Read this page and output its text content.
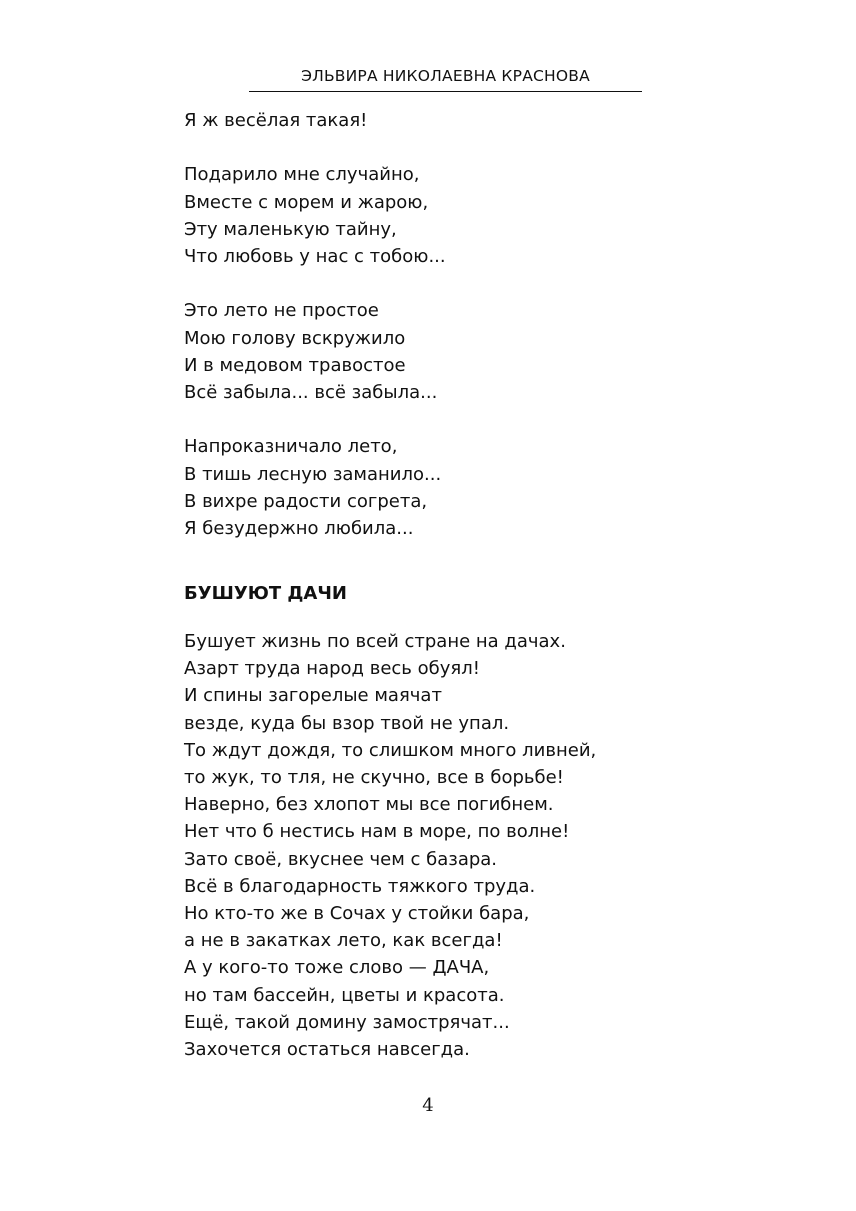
ЭЛЬВИРА НИКОЛАЕВНА КРАСНОВА
Я ж весёлая такая!
Подарило мне случайно,
Вместе с морем и жарою,
Эту маленькую тайну,
Что любовь у нас с тобою...
Это лето не простое
Мою голову вскружило
И в медовом травостое
Всё забыла... всё забыла...
Напроказничало лето,
В тишь лесную заманило...
В вихре радости согрета,
Я безудержно любила...
БУШУЮТ ДАЧИ
Бушует жизнь по всей стране на дачах.
Азарт труда народ весь обуял!
И спины загорелые маячат
везде, куда бы взор твой не упал.
То ждут дождя, то слишком много ливней,
то жук, то тля, не скучно, все в борьбе!
Наверно, без хлопот мы все погибнем.
Нет что б нестись нам в море, по волне!
Зато своё, вкуснее чем с базара.
Всё в благодарность тяжкого труда.
Но кто-то же в Сочах у стойки бара,
а не в закатках лето, как всегда!
А у кого-то тоже слово — ДАЧА,
но там бассейн, цветы и красота.
Ещё, такой домину замострячат...
Захочется остаться навсегда.
4
